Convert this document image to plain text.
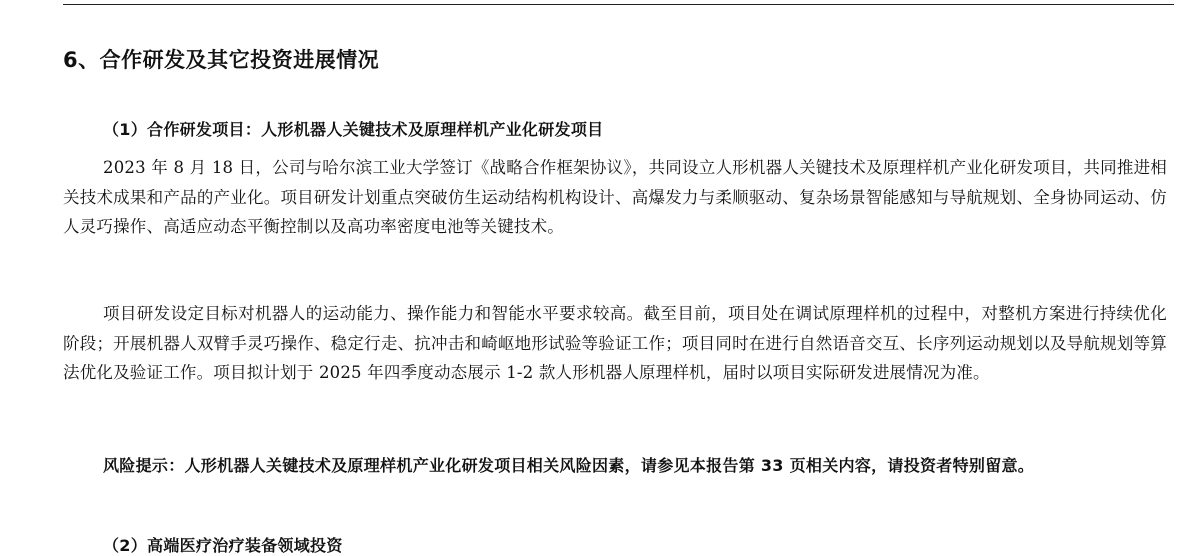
6、合作研发及其它投资进展情况
（1）合作研发项目：人形机器人关键技术及原理样机产业化研发项目
2023 年 8 月 18 日，公司与哈尔滨工业大学签订《战略合作框架协议》，共同设立人形机器人关键技术及原理样机产业化研发项目，共同推进相关技术成果和产品的产业化。项目研发计划重点突破仿生运动结构机构设计、高爆发力与柔顺驱动、复杂场景智能感知与导航规划、全身协同运动、仿人灵巧操作、高适应动态平衡控制以及高功率密度电池等关键技术。
项目研发设定目标对机器人的运动能力、操作能力和智能水平要求较高。截至目前，项目处在调试原理样机的过程中，对整机方案进行持续优化阶段；开展机器人双臂手灵巧操作、稳定行走、抗冲击和崎岖地形试验等验证工作；项目同时在进行自然语音交互、长序列运动规划以及导航规划等算法优化及验证工作。项目拟计划于 2025 年四季度动态展示 1-2 款人形机器人原理样机，届时以项目实际研发进展情况为准。
风险提示：人形机器人关键技术及原理样机产业化研发项目相关风险因素，请参见本报告第 33 页相关内容，请投资者特别留意。
（2）高端医疗治疗装备领域投资
